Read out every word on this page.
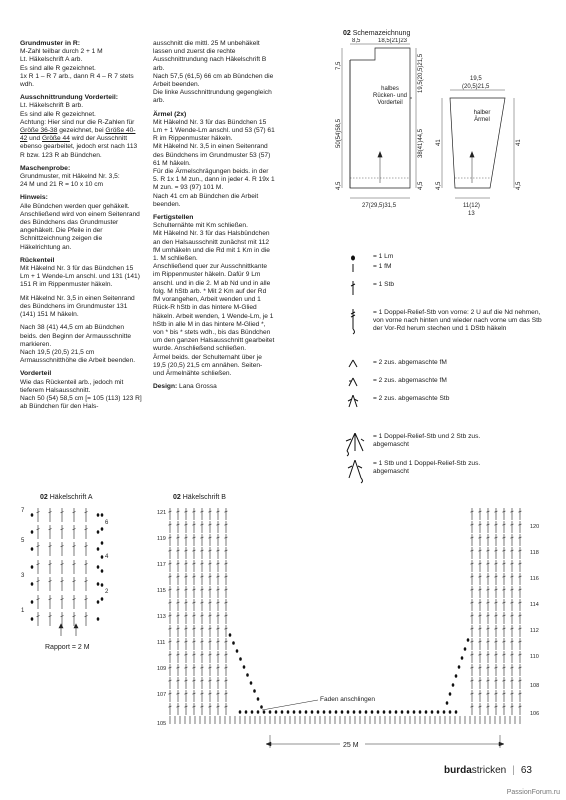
Grundmuster in R:

M-Zahl teilbar durch 2 + 1 M
Lt. Häkelschrift A arb.
Es sind alle R gezeichnet.
1x R 1 – R 7 arb., dann R 4 – R 7 stets wdh.

Ausschnittrundung Vorderteil:

Lt. Häkelschrift B arb.
Es sind alle R gezeichnet.
Achtung: Hier sind nur die R-Zahlen für Größe 36-38 gezeichnet, bei Größe 40-42 und Größe 44 wird der Ausschnitt ebenso gearbeitet, jedoch erst nach 113 R bzw. 123 R ab Bündchen.

Maschenprobe:

Grundmuster, mit Häkelnd Nr. 3,5:
24 M und 21 R = 10 x 10 cm

Hinweis:

Alle Bündchen werden quer gehäkelt. Anschließend wird von einem Seitenrand des Bündchens das Grundmuster angehäkelt. Die Pfeile in der Schnittzeichnung zeigen die Häkelrichtung an.

Rückenteil

Mit Häkelnd Nr. 3 für das Bündchen 15 Lm + 1 Wende-Lm anschl. und 131 (141) 151 R im Rippenmuster häkeln.

Mit Häkelnd Nr. 3,5 in einen Seitenrand des Bündchens im Grundmuster 131 (141) 151 M häkeln.

Nach 38 (41) 44,5 cm ab Bündchen beids. den Beginn der Armausschnitte markieren.

Nach 19,5 (20,5) 21,5 cm Armausschnitthöhe die Arbeit beenden.

Vorderteil

Wie das Rückenteil arb., jedoch mit tieferem Halsausschnitt.
Nach 50 (54) 58,5 cm [= 105 (113) 123 R] ab Bündchen für den Hals-

ausschnitt die mittl. 25 M unbehäkelt lassen und zuerst die rechte Ausschnittrundung nach Häkelschrift B arb.

Nach 57,5 (61,5) 66 cm ab Bündchen die Arbeit beenden.
Die linke Ausschnittrundung gegengleich arb.

Ärmel (2x)

Mit Häkelnd Nr. 3 für das Bündchen 15 Lm + 1 Wende-Lm anschl. und 53 (57) 61 R im Rippenmuster häkeln.
Mit Häkelnd Nr. 3,5 in einen Seitenrand des Bündchens im Grundmuster 53 (57) 61 M häkeln.
Für die Ärmelschrägungen beids. in der 5. R 1x 1 M zun., dann in jeder 4. R 19x 1 M zun. = 93 (97) 101 M.
Nach 41 cm ab Bündchen die Arbeit beenden.

Fertigstellen

Schulternähte mit Km schließen.
Mit Häkelnd Nr. 3 für das Halsbündchen an den Halsausschnitt zunächst mit 112 fM umhäkeln und die Rd mit 1 Km in die 1. M schließen.
Anschließend quer zur Ausschnittkante im Rippenmuster häkeln. Dafür 9 Lm anschl. und in die 2. M ab Nd und in alle folg. M hStb arb. * Mit 2 Km auf der Rd fM vorangehen, Arbeit wenden und 1 Rück-R hStb in das hintere M-Glied häkeln. Arbeit wenden, 1 Wende-Lm, je 1 hStb in alle M in das hintere M-Glied *, von * bis * stets wdh., bis das Bündchen um den ganzen Halsausschnitt gearbeitet wurde. Anschließend schließen.
Ärmel beids. der Schulternaht über je 19,5 (20,5) 21,5 cm annähen. Seiten- und Ärmelnähte schließen.

Design: Lana Grossa

02 Schemazeichnung
8,5	18,5(21)23
7,5
50(54)58,5
19,5(20,5)21,5
38(41)44,5
4,5	4,5
27(29,5)31,5
19,5
(20,5)21,5
41	41
4,5	4,5
11(12)
13
halbes
Rücken- und
Vorderteil
halber
Ärmel
= 1 Lm
= 1 fM
= 1 Stb
= 1 Doppel-Relief-Stb von vorne: 2 U auf die Nd nehmen, von vorne nach hinten und wieder nach vorne um das Stb der Vor-Rd herum stechen und 1 DStb häkeln
= 2 zus. abgemaschte fM
= 2 zus. abgemaschte fM
= 2 zus. abgemaschte Stb
= 1 Doppel-Relief-Stb und 2 Stb zus.
abgemascht
= 1 Stb und 1 Doppel-Relief-Stb zus.
abgemascht
02 Häkelschrift A
7
5
3
1
6
4
2
Rapport = 2 M
02 Häkelschrift B
121
119
117
115
113
111
109
107
105
120
118
116
114
112
110
108
106
Faden anschlingen
25 M
burdastricken | 63
PassionForum.ru
